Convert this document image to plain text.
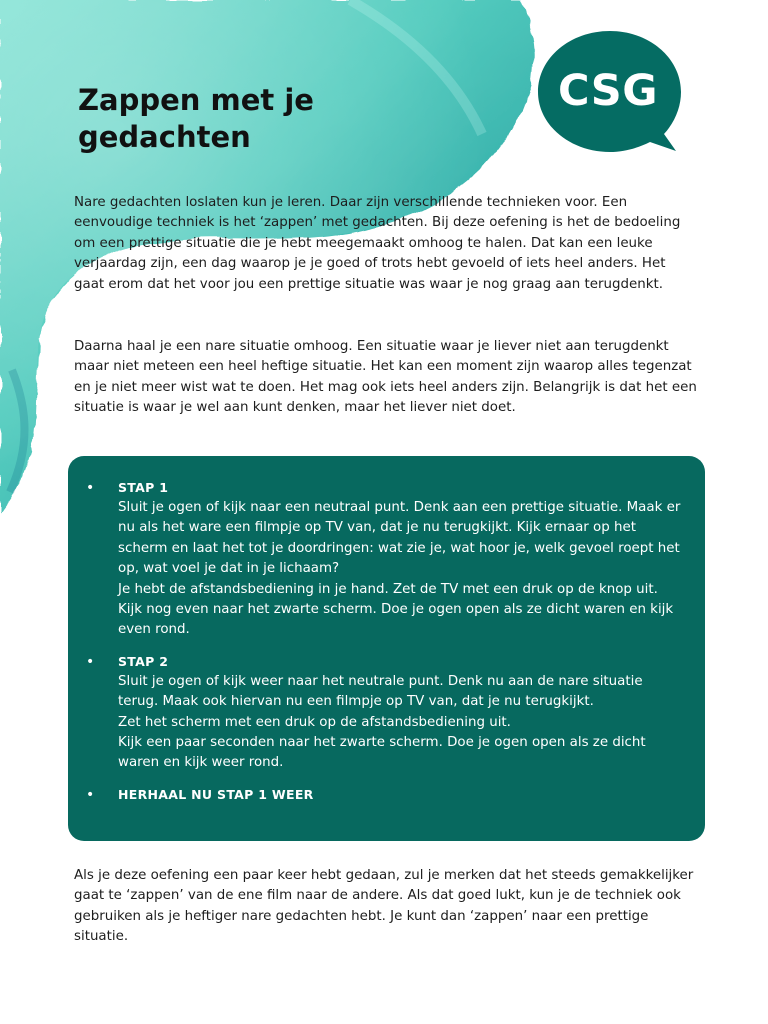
CSG
Zappen met je gedachten

Nare gedachten loslaten kun je leren. Daar zijn verschillende technieken voor. Een eenvoudige techniek is het ‘zappen’ met gedachten. Bij deze oefening is het de bedoeling om een prettige situatie die je hebt meegemaakt omhoog te halen. Dat kan een leuke verjaardag zijn, een dag waarop je je goed of trots hebt gevoeld of iets heel anders. Het gaat erom dat het voor jou een prettige situatie was waar je nog graag aan terugdenkt.

Daarna haal je een nare situatie omhoog. Een situatie waar je liever niet aan terugdenkt maar niet meteen een heel heftige situatie. Het kan een moment zijn waarop alles tegenzat en je niet meer wist wat te doen. Het mag ook iets heel anders zijn. Belangrijk is dat het een situatie is waar je wel aan kunt denken, maar het liever niet doet.

• STAP 1
Sluit je ogen of kijk naar een neutraal punt. Denk aan een prettige situatie. Maak er nu als het ware een filmpje op TV van, dat je nu terugkijkt. Kijk ernaar op het scherm en laat het tot je doordringen: wat zie je, wat hoor je, welk gevoel roept het op, wat voel je dat in je lichaam?
Je hebt de afstandsbediening in je hand. Zet de TV met een druk op de knop uit. Kijk nog even naar het zwarte scherm. Doe je ogen open als ze dicht waren en kijk even rond.
• STAP 2
Sluit je ogen of kijk weer naar het neutrale punt. Denk nu aan de nare situatie terug. Maak ook hiervan nu een filmpje op TV van, dat je nu terugkijkt.
Zet het scherm met een druk op de afstandsbediening uit.
Kijk een paar seconden naar het zwarte scherm. Doe je ogen open als ze dicht waren en kijk weer rond.
• HERHAAL NU STAP 1 WEER

Als je deze oefening een paar keer hebt gedaan, zul je merken dat het steeds gemakkelijker gaat te ‘zappen’ van de ene film naar de andere. Als dat goed lukt, kun je de techniek ook gebruiken als je heftiger nare gedachten hebt. Je kunt dan ‘zappen’ naar een prettige situatie.
